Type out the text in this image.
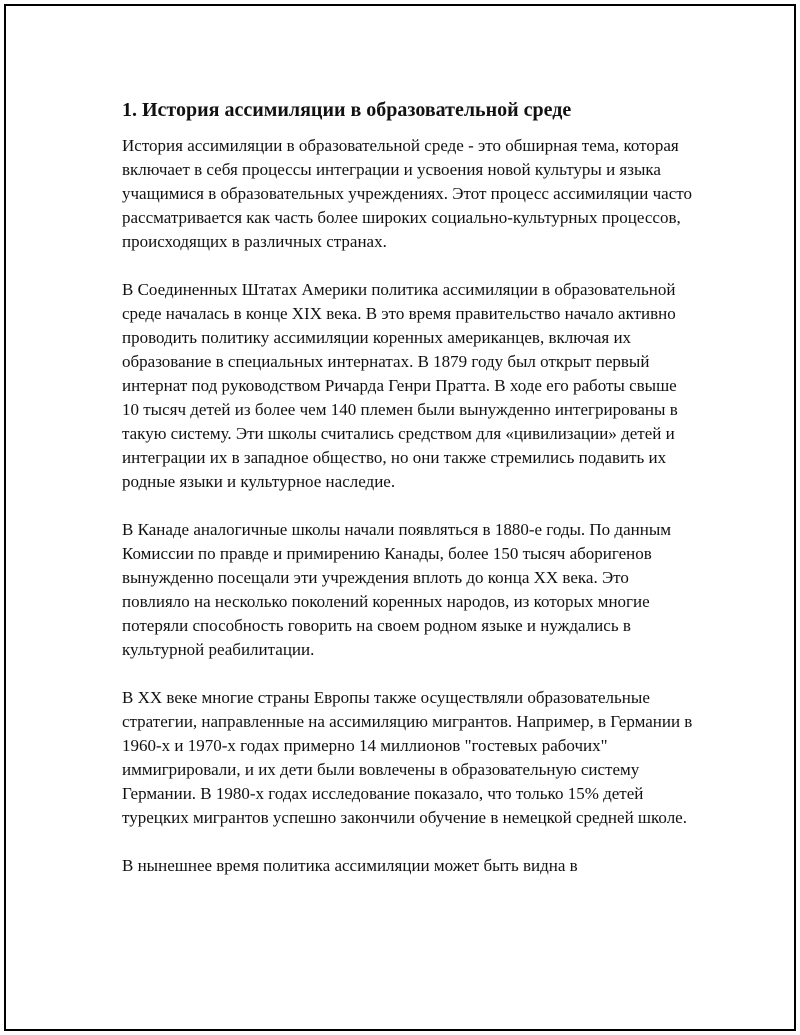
1. История ассимиляции в образовательной среде

История ассимиляции в образовательной среде - это обширная тема, которая включает в себя процессы интеграции и усвоения новой культуры и языка учащимися в образовательных учреждениях. Этот процесс ассимиляции часто рассматривается как часть более широких социально-культурных процессов, происходящих в различных странах.

В Соединенных Штатах Америки политика ассимиляции в образовательной среде началась в конце XIX века. В это время правительство начало активно проводить политику ассимиляции коренных американцев, включая их образование в специальных интернатах. В 1879 году был открыт первый интернат под руководством Ричарда Генри Пратта. В ходе его работы свыше 10 тысяч детей из более чем 140 племен были вынужденно интегрированы в такую систему. Эти школы считались средством для «цивилизации» детей и интеграции их в западное общество, но они также стремились подавить их родные языки и культурное наследие.

В Канаде аналогичные школы начали появляться в 1880-е годы. По данным Комиссии по правде и примирению Канады, более 150 тысяч аборигенов вынужденно посещали эти учреждения вплоть до конца XX века. Это повлияло на несколько поколений коренных народов, из которых многие потеряли способность говорить на своем родном языке и нуждались в культурной реабилитации.

В XX веке многие страны Европы также осуществляли образовательные стратегии, направленные на ассимиляцию мигрантов. Например, в Германии в 1960-х и 1970-х годах примерно 14 миллионов "гостевых рабочих" иммигрировали, и их дети были вовлечены в образовательную систему Германии. В 1980-х годах исследование показало, что только 15% детей турецких мигрантов успешно закончили обучение в немецкой средней школе.

В нынешнее время политика ассимиляции может быть видна в
